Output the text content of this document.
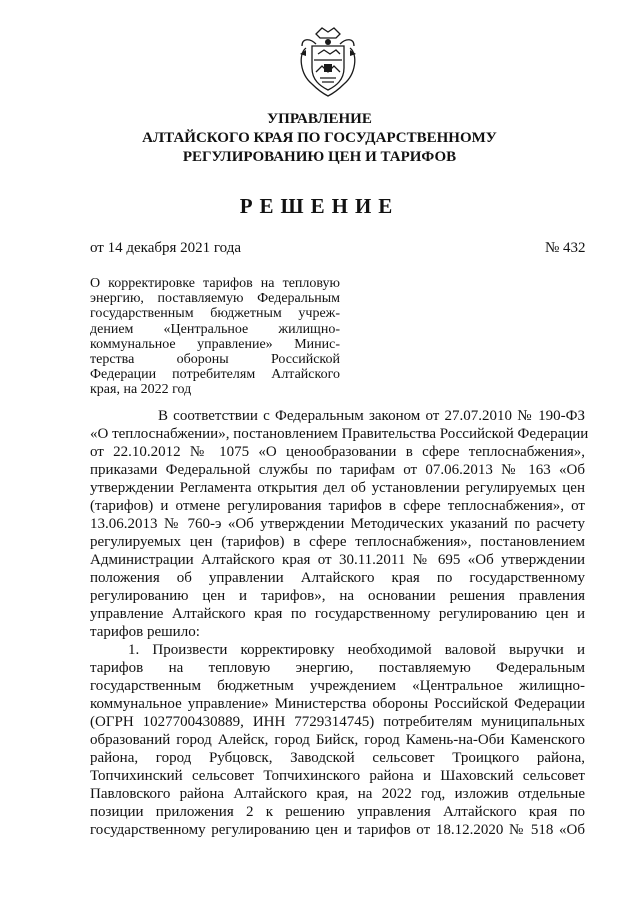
УПРАВЛЕНИЕ
АЛТАЙСКОГО КРАЯ ПО ГОСУДАРСТВЕННОМУ
РЕГУЛИРОВАНИЮ ЦЕН И ТАРИФОВ
РЕШЕНИЕ
от 14 декабря 2021 года	№ 432
О корректировке тарифов на тепловую
энергию, поставляемую Федеральным
государственным бюджетным учреж-
дением «Центральное жилищно-
коммунальное управление» Минис-
терства обороны Российской
Федерации потребителям Алтайского
края, на 2022 год
В соответствии с Федеральным законом от 27.07.2010 № 190-ФЗ
«О теплоснабжении», постановлением Правительства Российской Федерации
от 22.10.2012 № 1075 «О ценообразовании в сфере теплоснабжения»,
приказами Федеральной службы по тарифам от 07.06.2013 № 163 «Об
утверждении Регламента открытия дел об установлении регулируемых цен
(тарифов) и отмене регулирования тарифов в сфере теплоснабжения», от
13.06.2013 № 760-э «Об утверждении Методических указаний по расчету
регулируемых цен (тарифов) в сфере теплоснабжения», постановлением
Администрации Алтайского края от 30.11.2011 № 695 «Об утверждении
положения об управлении Алтайского края по государственному
регулированию цен и тарифов», на основании решения правления
управление Алтайского края по государственному регулированию цен и
тарифов решило:
1. Произвести корректировку необходимой валовой выручки и
тарифов на тепловую энергию, поставляемую Федеральным
государственным бюджетным учреждением «Центральное жилищно-
коммунальное управление» Министерства обороны Российской Федерации
(ОГРН 1027700430889, ИНН 7729314745) потребителям муниципальных
образований город Алейск, город Бийск, город Камень-на-Оби Каменского
района, город Рубцовск, Заводской сельсовет Троицкого района,
Топчихинский сельсовет Топчихинского района и Шаховский сельсовет
Павловского района Алтайского края, на 2022 год, изложив отдельные
позиции приложения 2 к решению управления Алтайского края по
государственному регулированию цен и тарифов от 18.12.2020 № 518 «Об
